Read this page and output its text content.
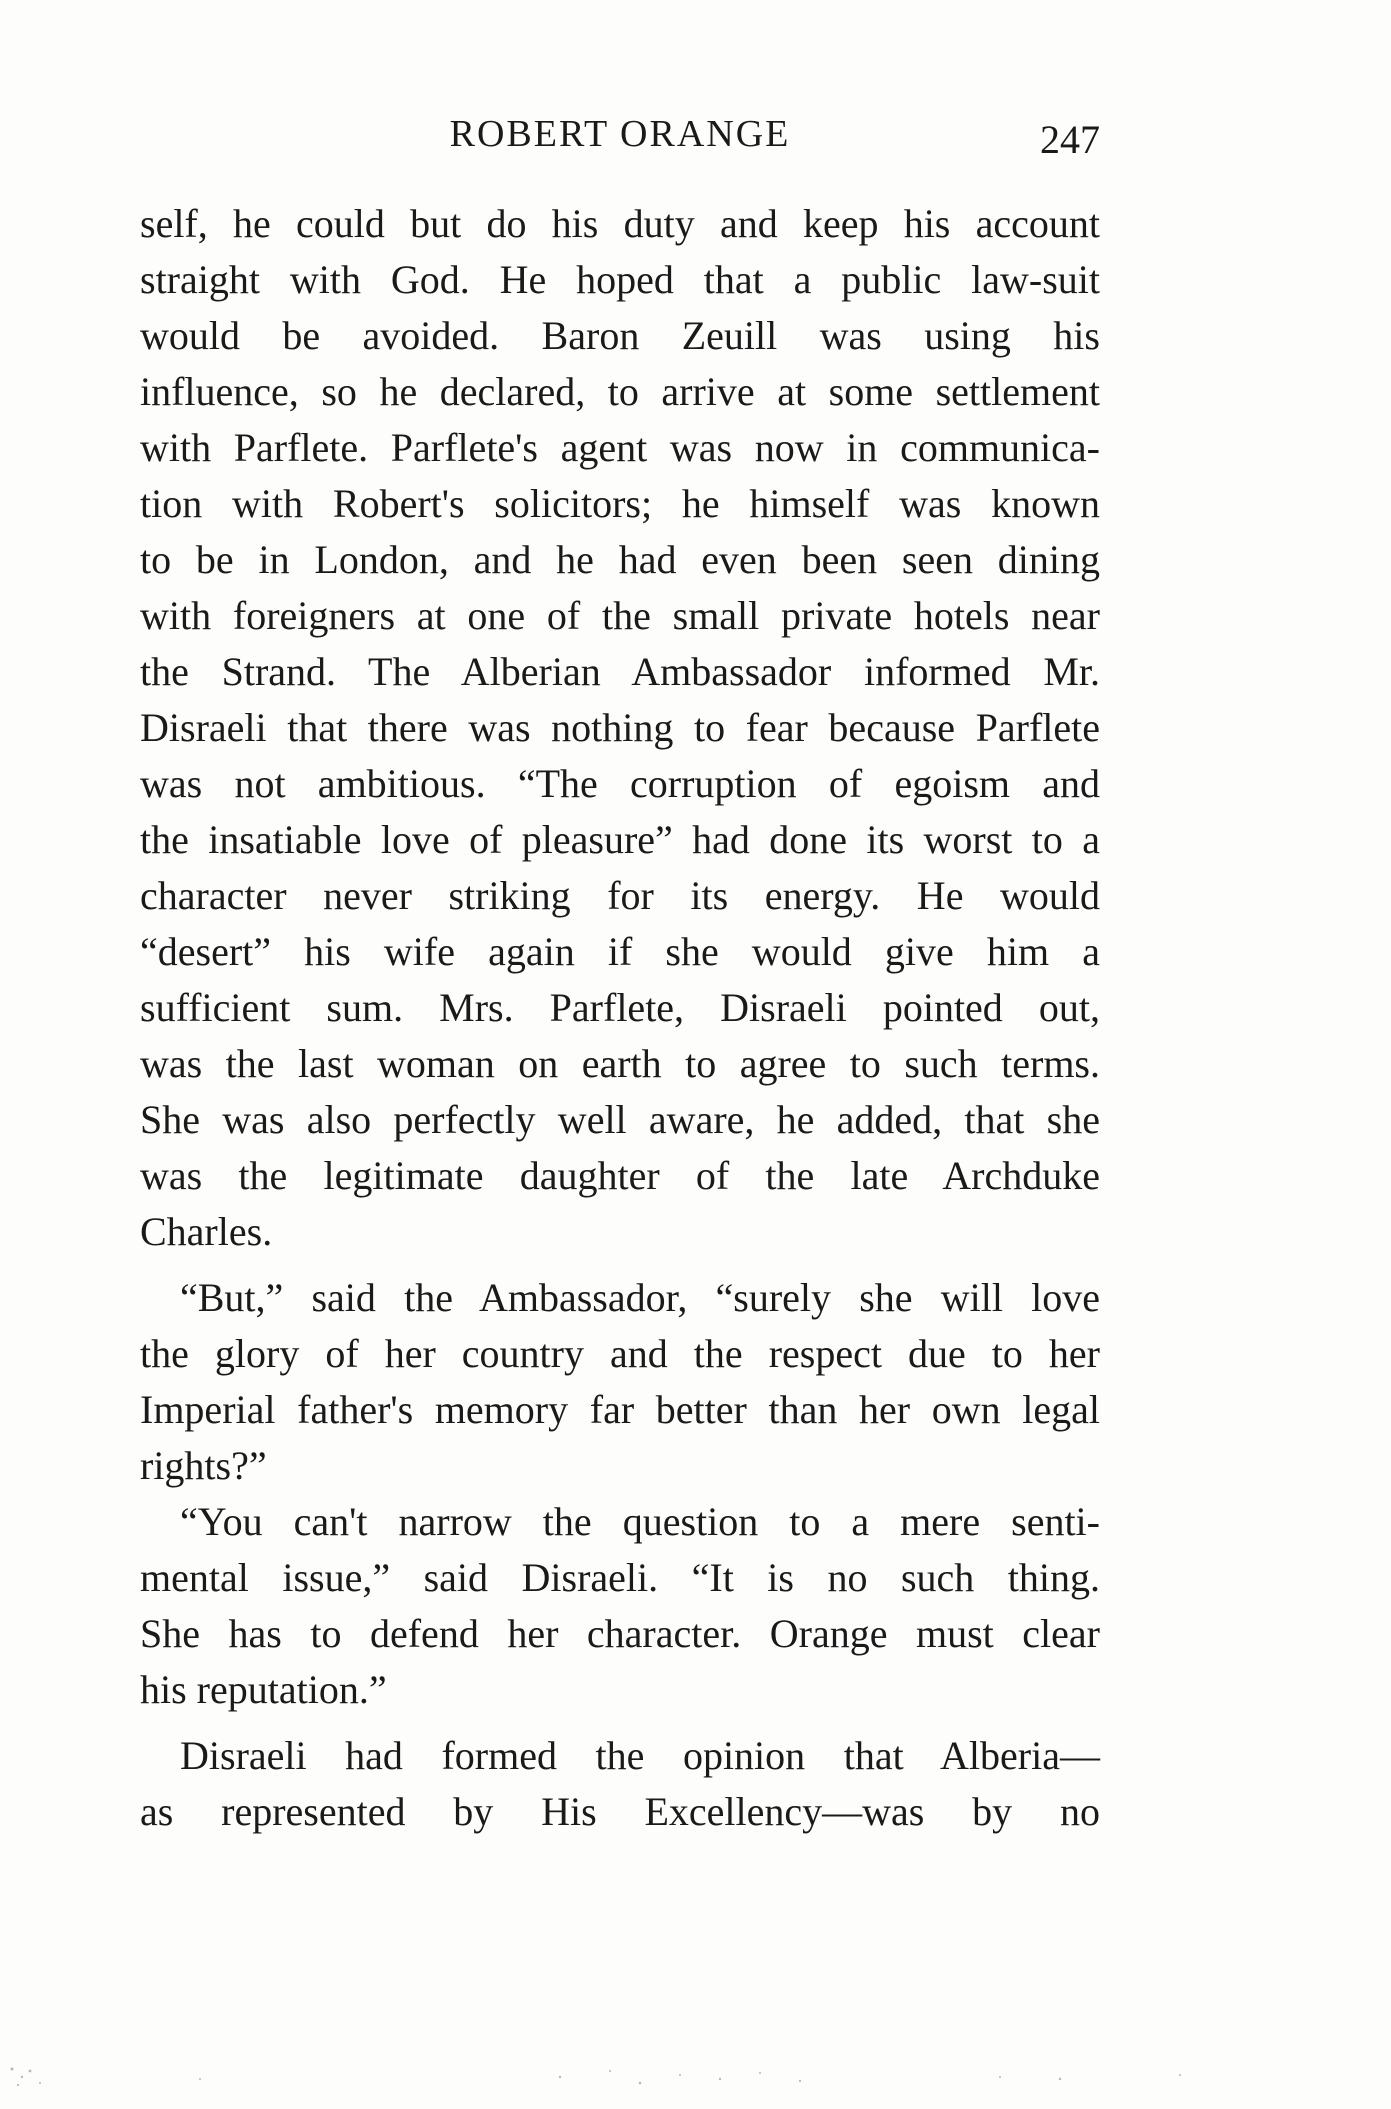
ROBERT ORANGE	247
self, he could but do his duty and keep his account
straight with God. He hoped that a public law-suit
would be avoided. Baron Zeuill was using his
influence, so he declared, to arrive at some settlement
with Parflete. Parflete's agent was now in communica-
tion with Robert's solicitors; he himself was known
to be in London, and he had even been seen dining
with foreigners at one of the small private hotels near
the Strand. The Alberian Ambassador informed Mr.
Disraeli that there was nothing to fear because Parflete
was not ambitious. “The corruption of egoism and
the insatiable love of pleasure” had done its worst to a
character never striking for its energy. He would
“desert” his wife again if she would give him a
sufficient sum. Mrs. Parflete, Disraeli pointed out,
was the last woman on earth to agree to such terms.
She was also perfectly well aware, he added, that she
was the legitimate daughter of the late Archduke
Charles.
“But,” said the Ambassador, “surely she will love
the glory of her country and the respect due to her
Imperial father's memory far better than her own legal
rights?”
“You can't narrow the question to a mere senti-
mental issue,” said Disraeli. “It is no such thing.
She has to defend her character. Orange must clear
his reputation.”
Disraeli had formed the opinion that Alberia—
as represented by His Excellency—was by no
